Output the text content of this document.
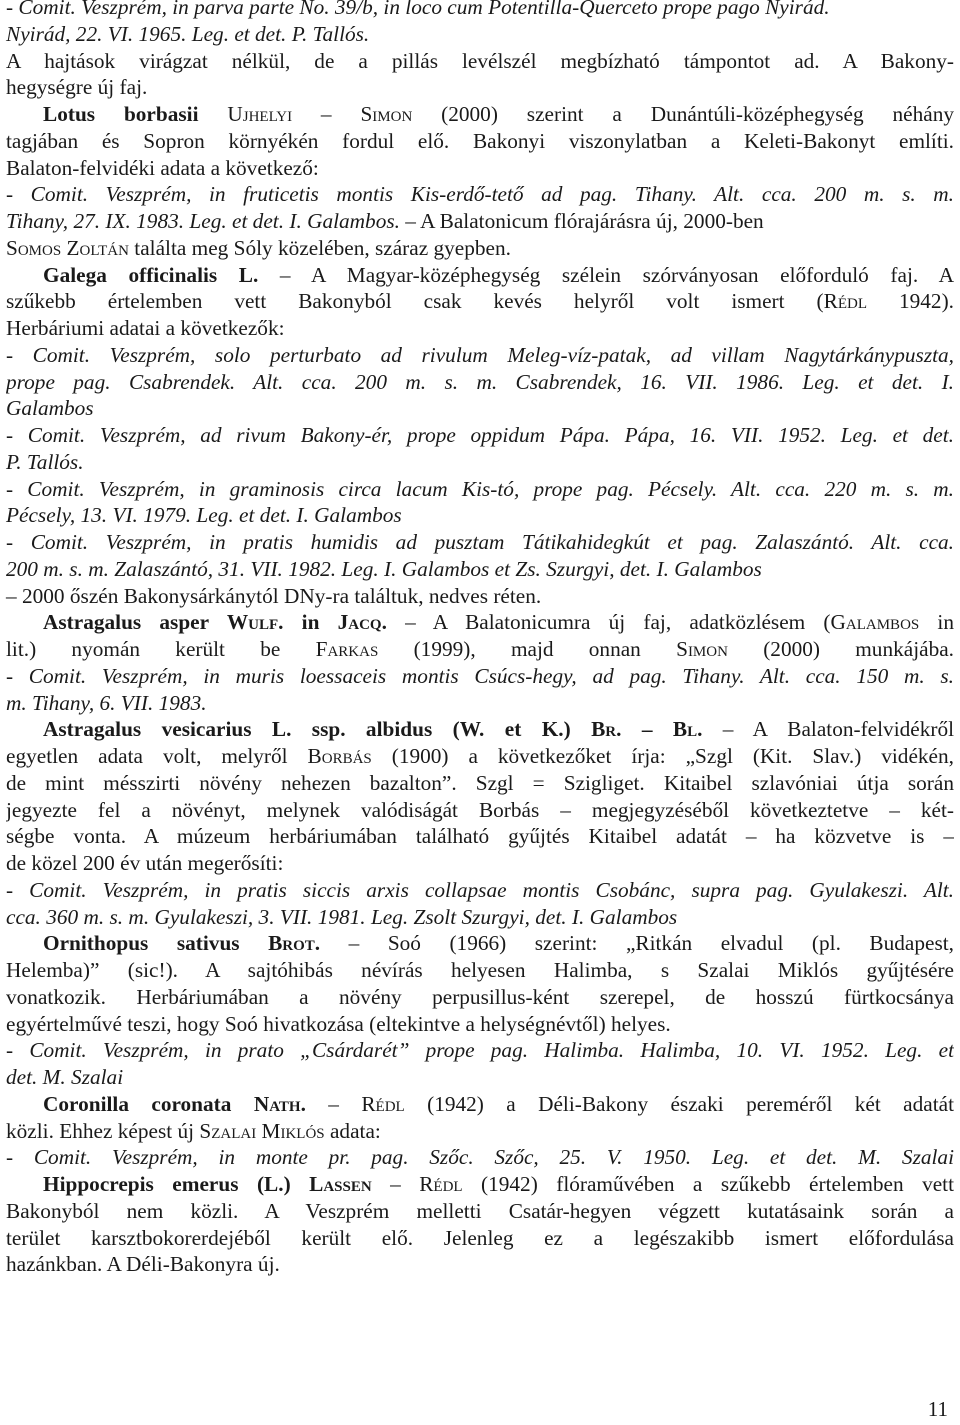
- Comit. Veszprém, in parva parte No. 39/b, in loco cum Potentilla-Querceto prope pago Nyirád.
Nyirád, 22. VI. 1965. Leg. et det. P. Tallós.
A hajtások virágzat nélkül, de a pillás levélszél megbízható támpontot ad. A Bakony-
hegységre új faj.
Lotus borbasii Ujhelyi – Simon (2000) szerint a Dunántúli-középhegység néhány
tagjában és Sopron környékén fordul elő. Bakonyi viszonylatban a Keleti-Bakonyt említi.
Balaton-felvidéki adata a következő:
- Comit. Veszprém, in fruticetis montis Kis-erdő-tető ad pag. Tihany. Alt. cca. 200 m. s. m.
Tihany, 27. IX. 1983. Leg. et det. I. Galambos. – A Balatonicum flórajárásra új, 2000-ben
Somos Zoltán találta meg Sóly közelében, száraz gyepben.
Galega officinalis L. – A Magyar-középhegység szélein szórványosan előforduló faj. A
szűkebb értelemben vett Bakonyból csak kevés helyről volt ismert (Rédl 1942).
Herbáriumi adatai a következők:
- Comit. Veszprém, solo perturbato ad rivulum Meleg-víz-patak, ad villam Nagytárkánypuszta,
prope pag. Csabrendek. Alt. cca. 200 m. s. m. Csabrendek, 16. VII. 1986. Leg. et det. I.
Galambos
- Comit. Veszprém, ad rivum Bakony-ér, prope oppidum Pápa. Pápa, 16. VII. 1952. Leg. et det.
P. Tallós.
- Comit. Veszprém, in graminosis circa lacum Kis-tó, prope pag. Pécsely. Alt. cca. 220 m. s. m.
Pécsely, 13. VI. 1979. Leg. et det. I. Galambos
- Comit. Veszprém, in pratis humidis ad pusztam Tátikahidegkút et pag. Zalaszántó. Alt. cca.
200 m. s. m. Zalaszántó, 31. VII. 1982. Leg. I. Galambos et Zs. Szurgyi, det. I. Galambos
– 2000 őszén Bakonysárkánytól DNy-ra találtuk, nedves réten.
Astragalus asper Wulf. in Jacq. – A Balatonicumra új faj, adatközlésem (Galambos in
lit.) nyomán került be Farkas (1999), majd onnan Simon (2000) munkájába.
- Comit. Veszprém, in muris loessaceis montis Csúcs-hegy, ad pag. Tihany. Alt. cca. 150 m. s.
m. Tihany, 6. VII. 1983.
Astragalus vesicarius L. ssp. albidus (W. et K.) Br. – Bl. – A Balaton-felvidékről
egyetlen adata volt, melyről Borbás (1900) a következőket írja: „Szgl (Kit. Slav.) vidékén,
de mint mésszirti növény nehezen bazalton”. Szgl = Szigliget. Kitaibel szlavóniai útja során
jegyezte fel a növényt, melynek valódiságát Borbás – megjegyzéséből következtetve – két-
ségbe vonta. A múzeum herbáriumában található gyűjtés Kitaibel adatát – ha közvetve is –
de közel 200 év után megerősíti:
- Comit. Veszprém, in pratis siccis arxis collapsae montis Csobánc, supra pag. Gyulakeszi. Alt.
cca. 360 m. s. m. Gyulakeszi, 3. VII. 1981. Leg. Zsolt Szurgyi, det. I. Galambos
Ornithopus sativus Brot. – Soó (1966) szerint: „Ritkán elvadul (pl. Budapest,
Helemba)” (sic!). A sajtóhibás névírás helyesen Halimba, s Szalai Miklós gyűjtésére
vonatkozik. Herbáriumában a növény perpusillus-ként szerepel, de hosszú fürtkocsánya
egyértelművé teszi, hogy Soó hivatkozása (eltekintve a helységnévtől) helyes.
- Comit. Veszprém, in prato „Csárdarét” prope pag. Halimba. Halimba, 10. VI. 1952. Leg. et
det. M. Szalai
Coronilla coronata Nath. – Rédl (1942) a Déli-Bakony északi pereméről két adatát
közli. Ehhez képest új Szalai Miklós adata:
- Comit. Veszprém, in monte pr. pag. Szőc. Szőc, 25. V. 1950. Leg. et det. M. Szalai
Hippocrepis emerus (L.) Lassen – Rédl (1942) flóraművében a szűkebb értelemben vett
Bakonyból nem közli. A Veszprém melletti Csatár-hegyen végzett kutatásaink során a
terület karsztbokorerdejéből került elő. Jelenleg ez a legészakibb ismert előfordulása
hazánkban. A Déli-Bakonyra új.
11
